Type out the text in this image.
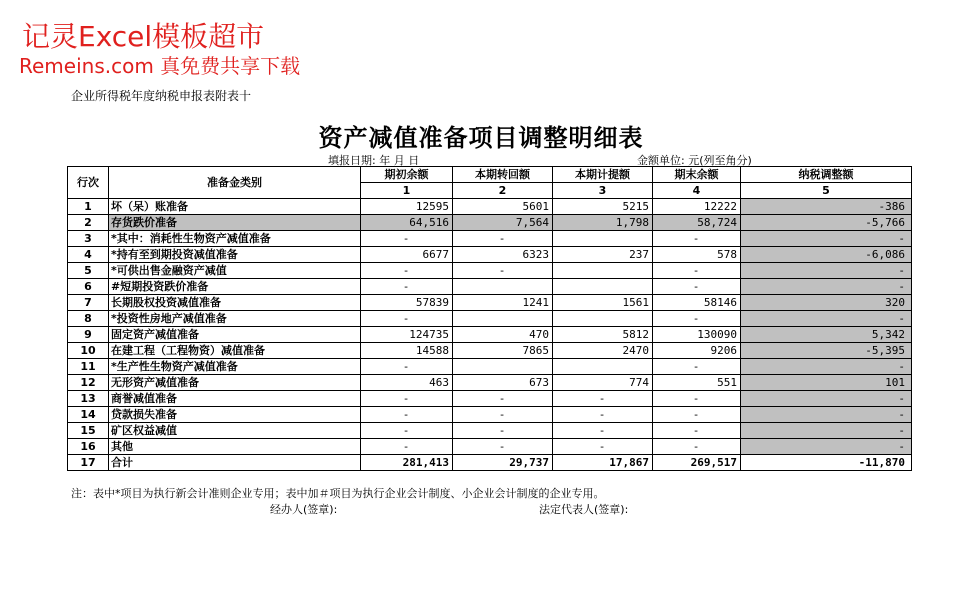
记灵Excel模板超市
Remeins.com 真免费共享下载
企业所得税年度纳税申报表附表十
资产减值准备项目调整明细表
填报日期: 年 月 日	金额单位: 元(列至角分)
行次	准备金类别	期初余额	本期转回额	本期计提额	期末余额	纳税调整额
		1	2	3	4	5
1	坏（呆）账准备	12595	5601	5215	12222	-386
2	存货跌价准备	64,516	7,564	1,798	58,724	-5,766
3	*其中：消耗性生物资产减值准备	-	-		-	-
4	*持有至到期投资减值准备	6677	6323	237	578	-6,086
5	*可供出售金融资产减值	-	-		-	-
6	#短期投资跌价准备	-			-	-
7	长期股权投资减值准备	57839	1241	1561	58146	320
8	*投资性房地产减值准备	-			-	-
9	固定资产减值准备	124735	470	5812	130090	5,342
10	在建工程（工程物资）减值准备	14588	7865	2470	9206	-5,395
11	*生产性生物资产减值准备	-			-	-
12	无形资产减值准备	463	673	774	551	101
13	商誉减值准备	-	-	-	-	-
14	贷款损失准备	-	-	-	-	-
15	矿区权益减值	-	-	-	-	-
16	其他	-	-	-	-	-
17	合计	281,413	29,737	17,867	269,517	-11,870
注：表中*项目为执行新会计准则企业专用；表中加＃项目为执行企业会计制度、小企业会计制度的企业专用。
经办人(签章):	法定代表人(签章):
